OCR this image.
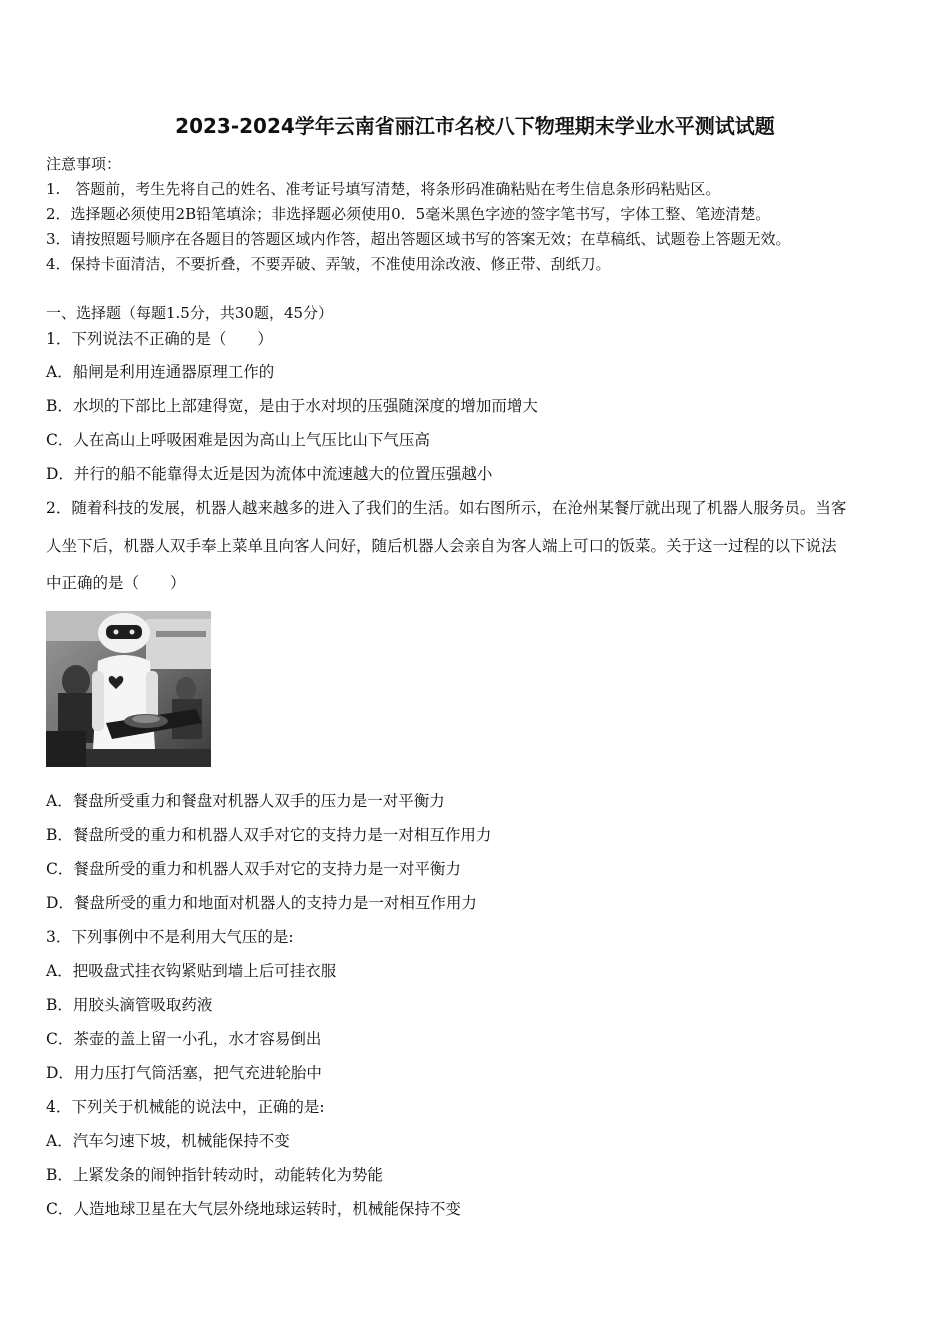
2023-2024学年云南省丽江市名校八下物理期末学业水平测试试题
注意事项：
1.　答题前，考生先将自己的姓名、准考证号填写清楚，将条形码准确粘贴在考生信息条形码粘贴区。
2．选择题必须使用2B铅笔填涂；非选择题必须使用0．5毫米黑色字迹的签字笔书写，字体工整、笔迹清楚。
3．请按照题号顺序在各题目的答题区域内作答，超出答题区域书写的答案无效；在草稿纸、试题卷上答题无效。
4．保持卡面清洁，不要折叠，不要弄破、弄皱，不准使用涂改液、修正带、刮纸刀。
一、选择题（每题1.5分，共30题，45分）
1．下列说法不正确的是（　　）
A．船闸是利用连通器原理工作的
B．水坝的下部比上部建得宽，是由于水对坝的压强随深度的增加而增大
C．人在高山上呼吸困难是因为高山上气压比山下气压高
D．并行的船不能靠得太近是因为流体中流速越大的位置压强越小
2．随着科技的发展，机器人越来越多的进入了我们的生活。如右图所示，在沧州某餐厅就出现了机器人服务员。当客
人坐下后，机器人双手奉上菜单且向客人问好，随后机器人会亲自为客人端上可口的饭菜。关于这一过程的以下说法
中正确的是（　　）
A．餐盘所受重力和餐盘对机器人双手的压力是一对平衡力
B．餐盘所受的重力和机器人双手对它的支持力是一对相互作用力
C．餐盘所受的重力和机器人双手对它的支持力是一对平衡力
D．餐盘所受的重力和地面对机器人的支持力是一对相互作用力
3．下列事例中不是利用大气压的是:
A．把吸盘式挂衣钩紧贴到墙上后可挂衣服
B．用胶头滴管吸取药液
C．茶壶的盖上留一小孔，水才容易倒出
D．用力压打气筒活塞，把气充进轮胎中
4．下列关于机械能的说法中，正确的是:
A．汽车匀速下坡，机械能保持不变
B．上紧发条的闹钟指针转动时，动能转化为势能
C．人造地球卫星在大气层外绕地球运转时，机械能保持不变
